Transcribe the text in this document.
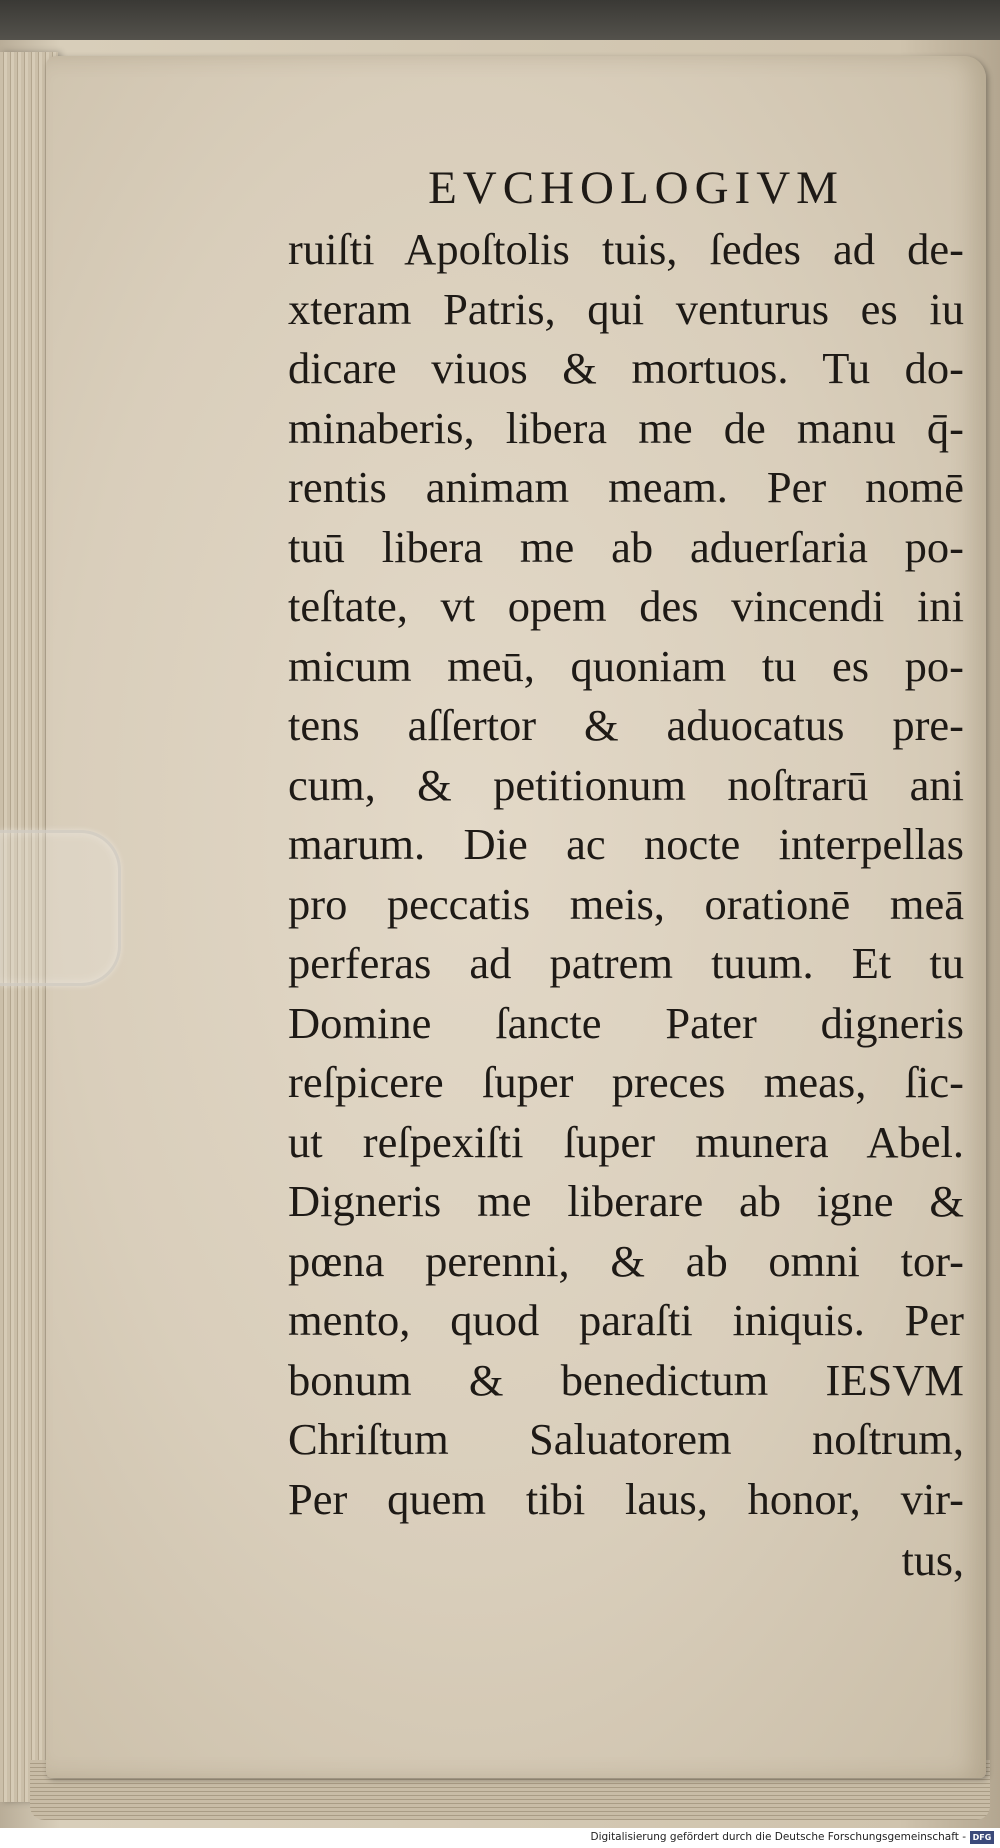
EVCHOLOGIVM
ruiſti Apoſtolis tuis, ſedes ad de-
xteram Patris, qui venturus es iu
dicare viuos & mortuos. Tu do-
minaberis, libera me de manu q̄-
rentis animam meam. Per nomē
tuū libera me ab aduerſaria po-
teſtate, vt opem des vincendi ini
micum meū, quoniam tu es po-
tens aſſertor & aduocatus pre-
cum, & petitionum noſtrarū ani
marum. Die ac nocte interpellas
pro peccatis meis, orationē meā
perferas ad patrem tuum. Et tu
Domine ſancte Pater digneris
reſpicere ſuper preces meas, ſic-
ut reſpexiſti ſuper munera Abel.
Digneris me liberare ab igne &
pœna perenni, & ab omni tor-
mento, quod paraſti iniquis. Per
bonum & benedictum IESVM
Chriſtum Saluatorem noſtrum,
Per quem tibi laus, honor, vir-
tus,
Digitalisierung gefördert durch die Deutsche Forschungsgemeinschaft - DFG
